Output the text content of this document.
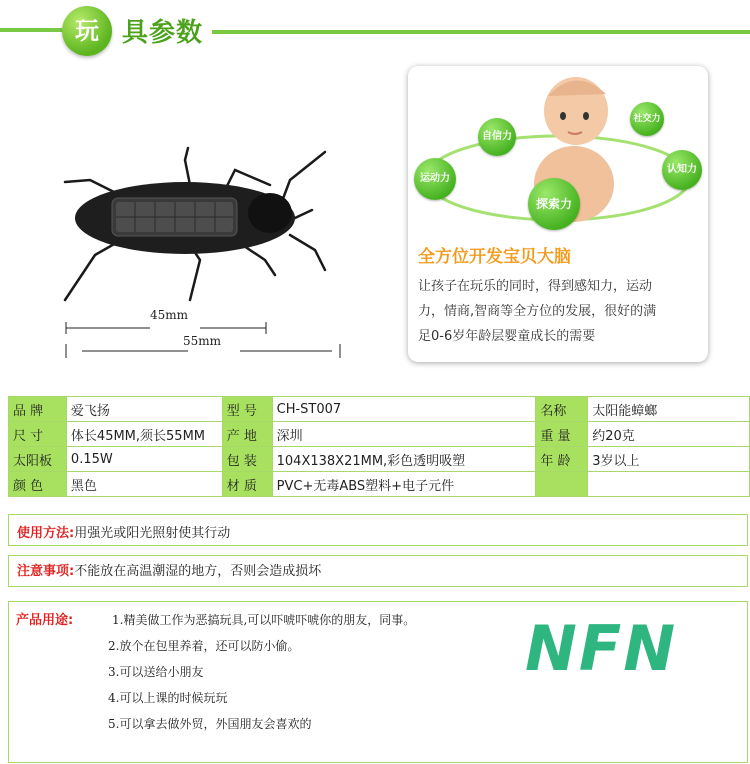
玩 具参数
45mm
55mm
自信力
社交力
运动力
认知力
探索力
全方位开发宝贝大脑
让孩子在玩乐的同时，得到感知力，运动
力，情商,智商等全方位的发展，很好的满
足0-6岁年龄层婴童成长的需要
品 牌	爱飞扬	型 号	CH-ST007	名称	太阳能蟑螂
尺 寸	体长45MM,须长55MM	产 地	深圳	重 量	约20克
太阳板	0.15W	包 装	104X138X21MM,彩色透明吸塑	年 龄	3岁以上
颜 色	黑色	材 质	PVC+无毒ABS塑料+电子元件		
使用方法:用强光或阳光照射使其行动
注意事项:不能放在高温潮湿的地方，否则会造成损坏
产品用途:	1.精美做工作为恶搞玩具,可以吓唬吓唬你的朋友，同事。
2.放个在包里养着，还可以防小偷。
3.可以送给小朋友
4.可以上课的时候玩玩
5.可以拿去做外贸，外国朋友会喜欢的
NFN
